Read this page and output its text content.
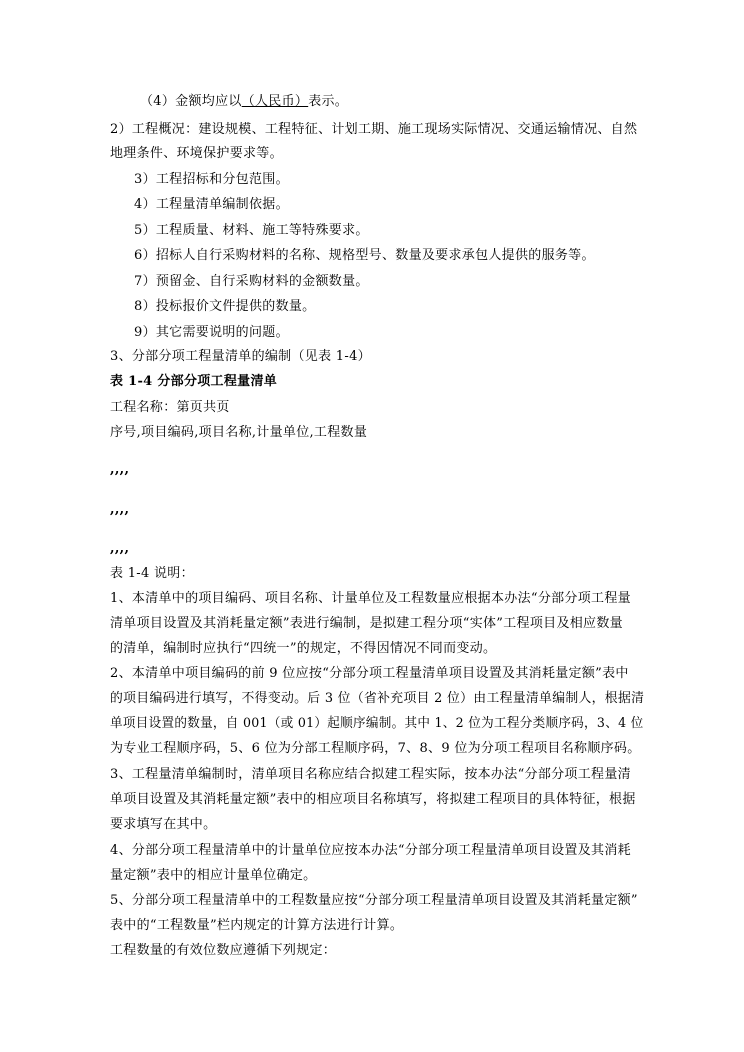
（4）金额均应以（人民币）表示。
2）工程概况：建设规模、工程特征、计划工期、施工现场实际情况、交通运输情况、自然
地理条件、环境保护要求等。
3）工程招标和分包范围。
4）工程量清单编制依据。
5）工程质量、材料、施工等特殊要求。
6）招标人自行采购材料的名称、规格型号、数量及要求承包人提供的服务等。
7）预留金、自行采购材料的金额数量。
8）投标报价文件提供的数量。
9）其它需要说明的问题。
3、分部分项工程量清单的编制（见表 1-4）
表 1-4 分部分项工程量清单
工程名称：第页共页
序号,项目编码,项目名称,计量单位,工程数量
,,,,
,,,,
,,,,
表 1-4 说明：
1、本清单中的项目编码、项目名称、计量单位及工程数量应根据本办法“分部分项工程量
清单项目设置及其消耗量定额”表进行编制，是拟建工程分项“实体”工程项目及相应数量
的清单，编制时应执行“四统一”的规定，不得因情况不同而变动。
2、本清单中项目编码的前 9 位应按“分部分项工程量清单项目设置及其消耗量定额”表中
的项目编码进行填写，不得变动。后 3 位（省补充项目 2 位）由工程量清单编制人，根据清
单项目设置的数量，自 001（或 01）起顺序编制。其中 1、2 位为工程分类顺序码，3、4 位
为专业工程顺序码，5、6 位为分部工程顺序码，7、8、9 位为分项工程项目名称顺序码。
3、工程量清单编制时，清单项目名称应结合拟建工程实际，按本办法“分部分项工程量清
单项目设置及其消耗量定额”表中的相应项目名称填写，将拟建工程项目的具体特征，根据
要求填写在其中。
4、分部分项工程量清单中的计量单位应按本办法“分部分项工程量清单项目设置及其消耗
量定额”表中的相应计量单位确定。
5、分部分项工程量清单中的工程数量应按“分部分项工程量清单项目设置及其消耗量定额”
表中的“工程数量”栏内规定的计算方法进行计算。
工程数量的有效位数应遵循下列规定：
